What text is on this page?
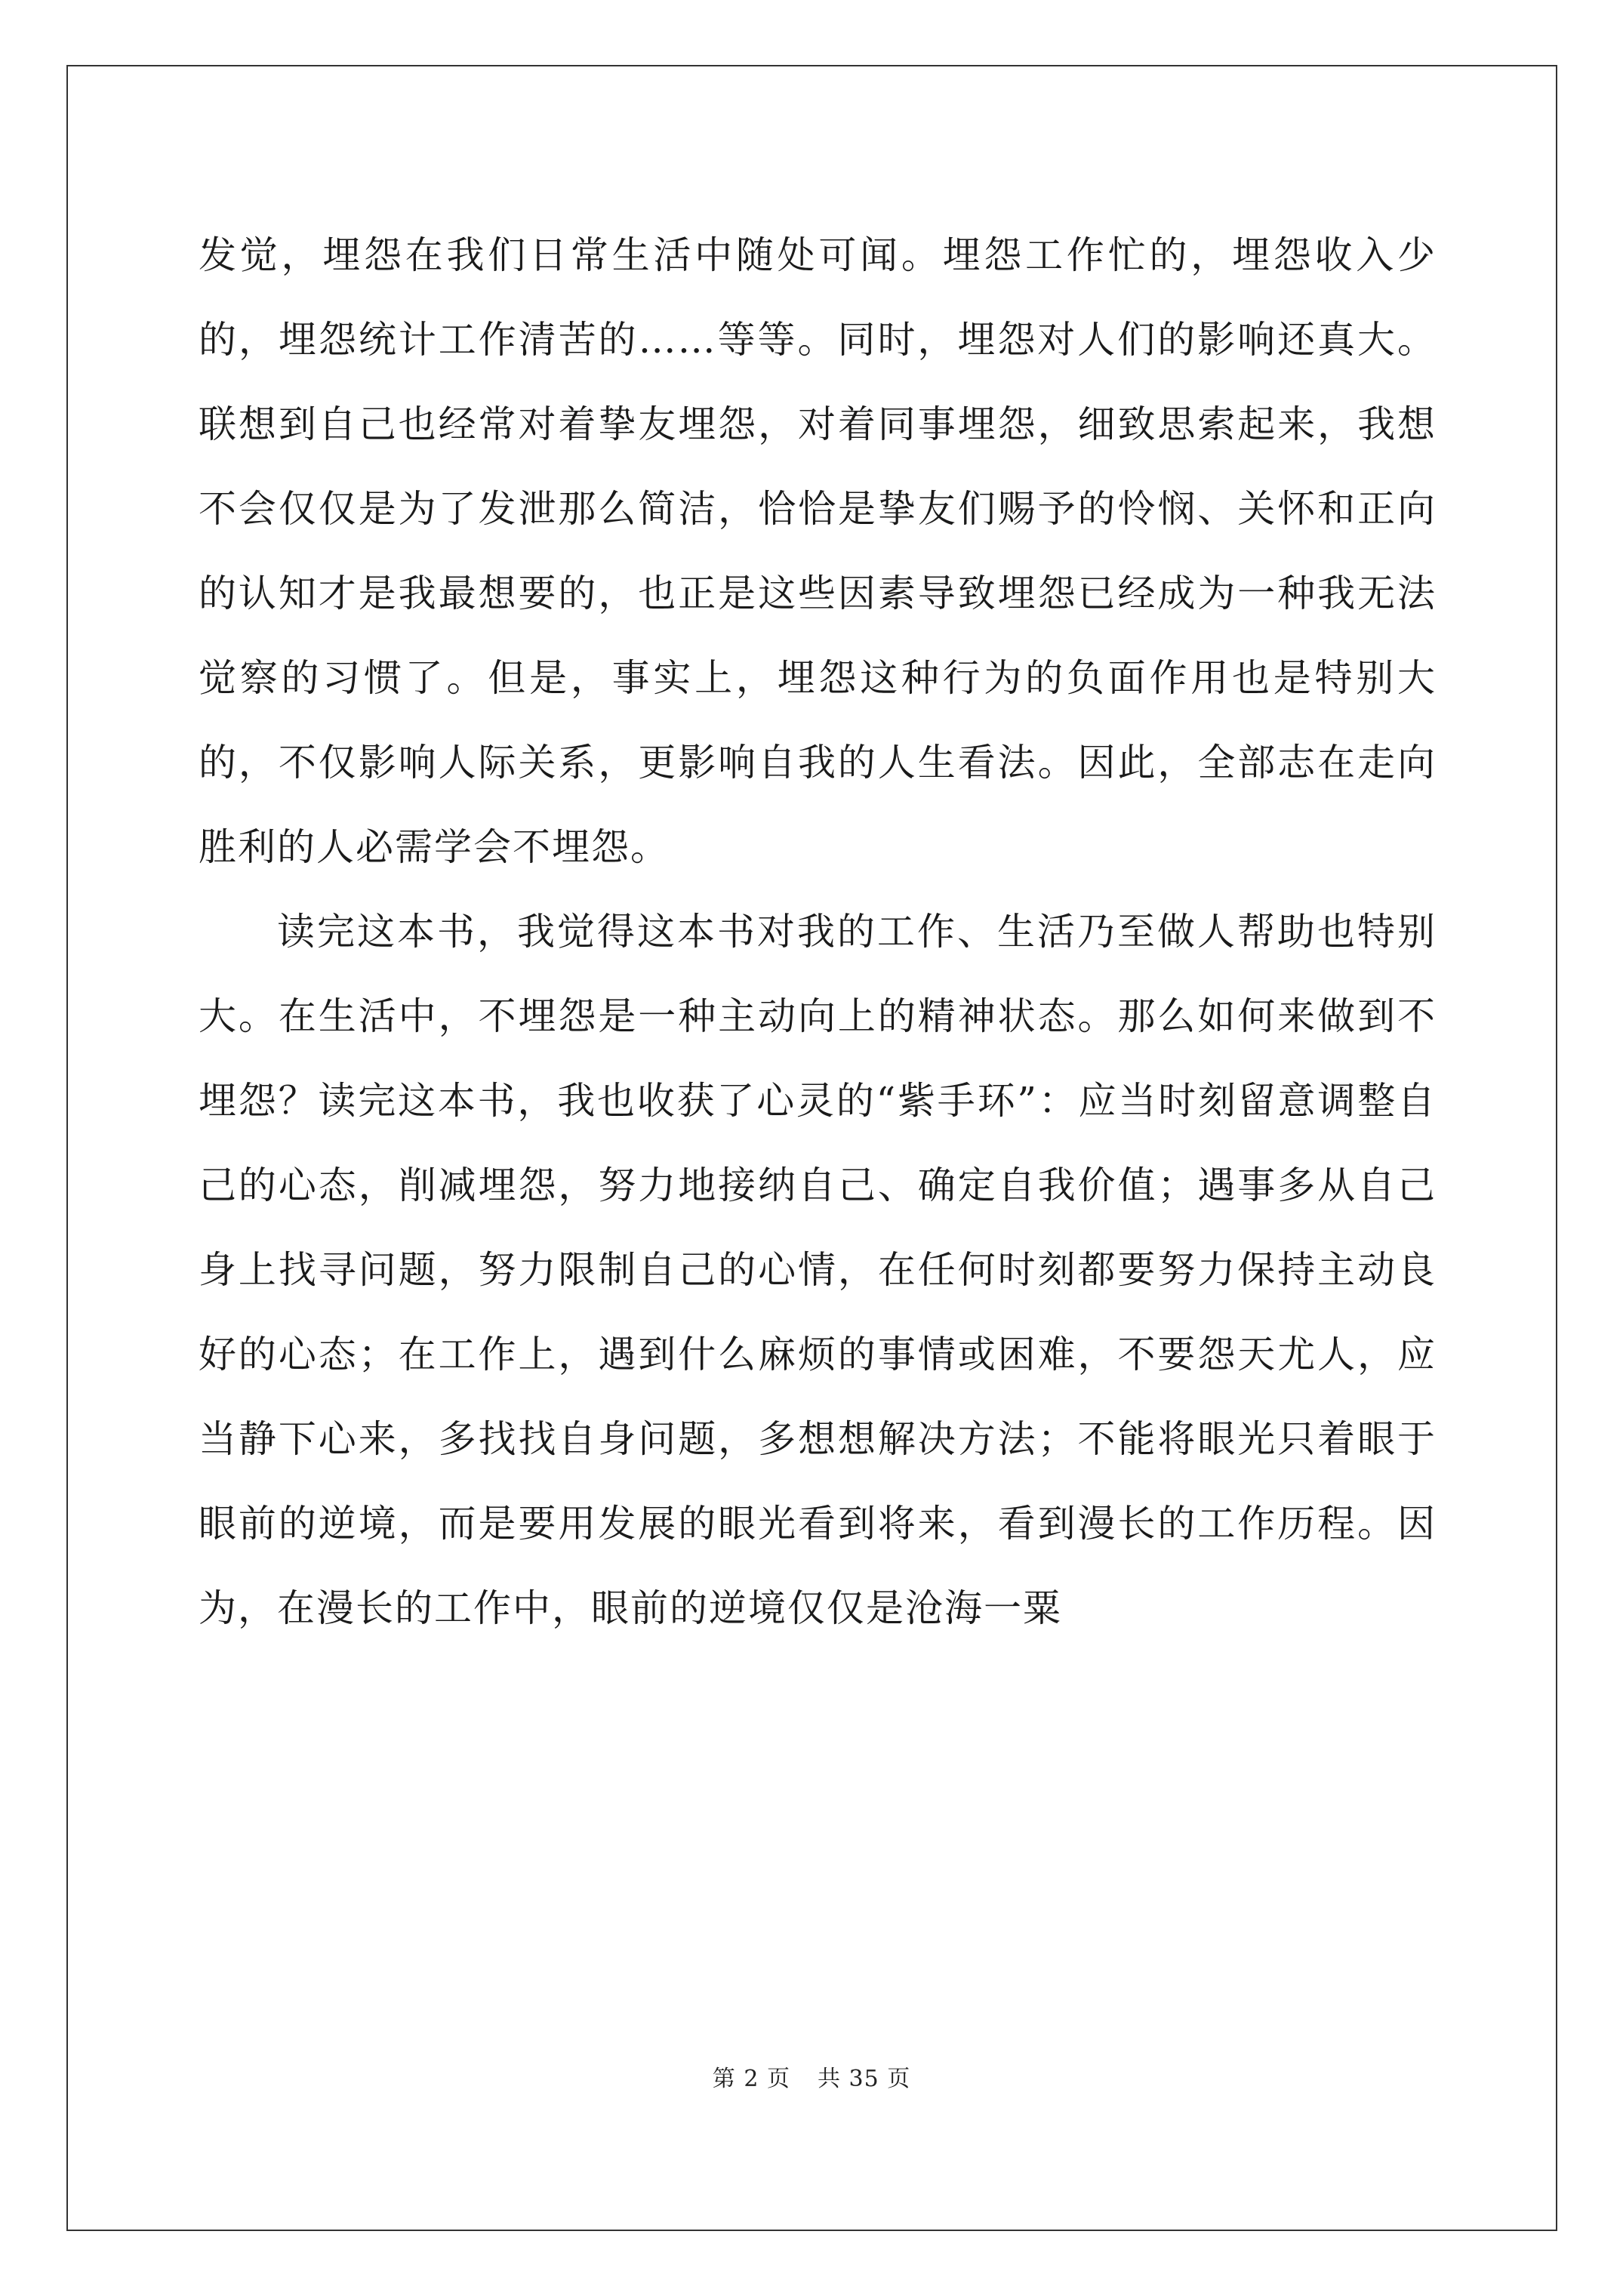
发觉，埋怨在我们日常生活中随处可闻。埋怨工作忙的，埋怨收入少的，埋怨统计工作清苦的……等等。同时，埋怨对人们的影响还真大。联想到自己也经常对着挚友埋怨，对着同事埋怨，细致思索起来，我想不会仅仅是为了发泄那么简洁，恰恰是挚友们赐予的怜悯、关怀和正向的认知才是我最想要的，也正是这些因素导致埋怨已经成为一种我无法觉察的习惯了。但是，事实上，埋怨这种行为的负面作用也是特别大的，不仅影响人际关系，更影响自我的人生看法。因此，全部志在走向胜利的人必需学会不埋怨。

读完这本书，我觉得这本书对我的工作、生活乃至做人帮助也特别大。在生活中，不埋怨是一种主动向上的精神状态。那么如何来做到不埋怨？读完这本书，我也收获了心灵的“紫手环”：应当时刻留意调整自己的心态，削减埋怨，努力地接纳自己、确定自我价值；遇事多从自己身上找寻问题，努力限制自己的心情，在任何时刻都要努力保持主动良好的心态；在工作上，遇到什么麻烦的事情或困难，不要怨天尤人，应当静下心来，多找找自身问题，多想想解决方法；不能将眼光只着眼于眼前的逆境，而是要用发展的眼光看到将来，看到漫长的工作历程。因为，在漫长的工作中，眼前的逆境仅仅是沧海一粟

第 2 页 共 35 页
